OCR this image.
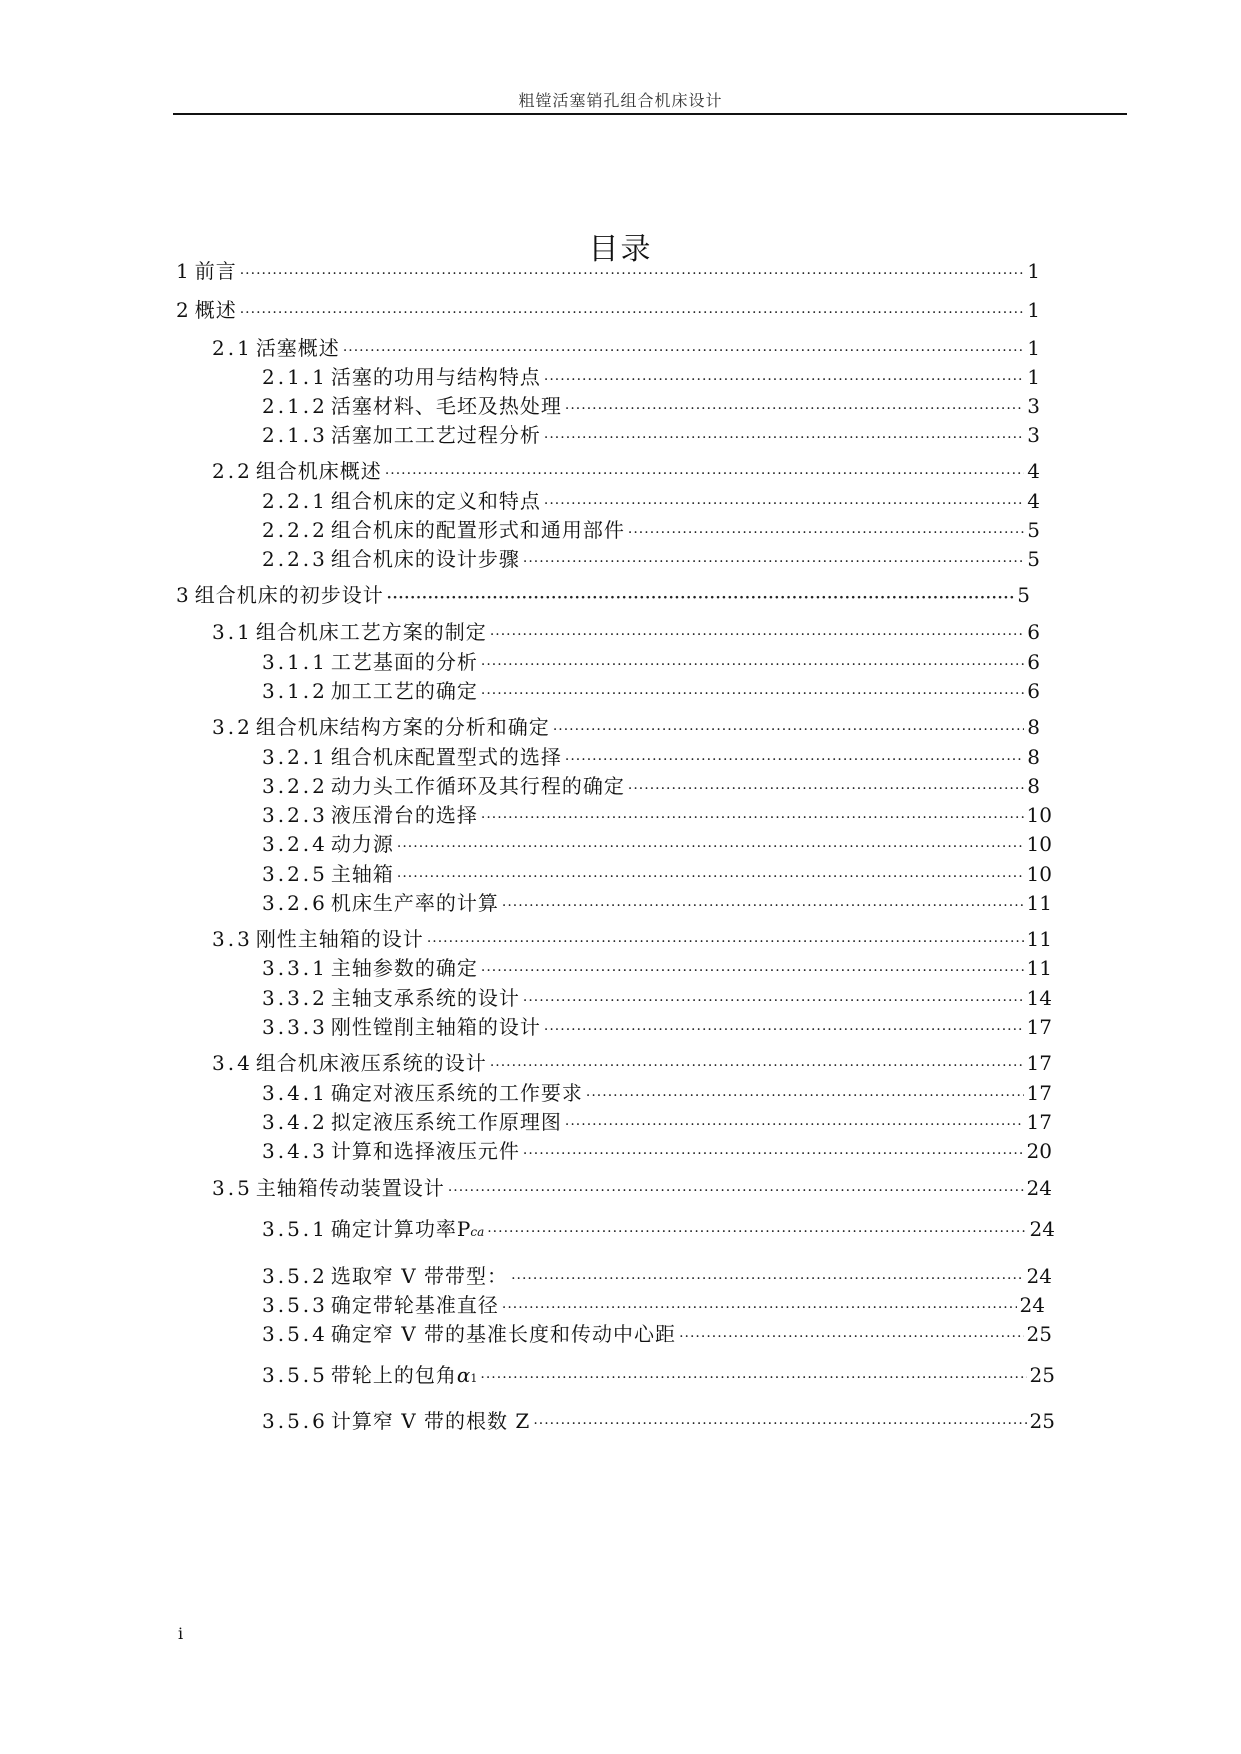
粗镗活塞销孔组合机床设计
目录
1 前言 ·····	1
2 概述 ·····	1
2.1 活塞概述 ·····	1
2.1.1 活塞的功用与结构特点 ·····	1
2.1.2 活塞材料、毛坯及热处理 ·····	3
2.1.3 活塞加工工艺过程分析 ·····	3
2.2 组合机床概述 ·····	4
2.2.1 组合机床的定义和特点 ·····	4
2.2.2 组合机床的配置形式和通用部件 ·····	5
2.2.3 组合机床的设计步骤 ·····	5
3 组合机床的初步设计 ·····	5
3.1 组合机床工艺方案的制定 ·····	6
3.1.1 工艺基面的分析 ·····	6
3.1.2 加工工艺的确定 ·····	6
3.2 组合机床结构方案的分析和确定 ·····	8
3.2.1 组合机床配置型式的选择 ·····	8
3.2.2 动力头工作循环及其行程的确定 ·····	8
3.2.3 液压滑台的选择 ·····	10
3.2.4 动力源 ·····	10
3.2.5 主轴箱 ·····	10
3.2.6 机床生产率的计算 ·····	11
3.3 刚性主轴箱的设计 ·····	11
3.3.1 主轴参数的确定 ·····	11
3.3.2 主轴支承系统的设计 ·····	14
3.3.3 刚性镗削主轴箱的设计 ·····	17
3.4 组合机床液压系统的设计 ·····	17
3.4.1 确定对液压系统的工作要求 ·····	17
3.4.2 拟定液压系统工作原理图 ·····	17
3.4.3 计算和选择液压元件 ·····	20
3.5 主轴箱传动装置设计 ·····	24
3.5.1 确定计算功率 P ca ·····	24
3.5.2 选取窄 V 带带型： ·····	24
3.5.3 确定带轮基准直径 ·····	24
3.5.4 确定窄 V 带的基准长度和传动中心距 ·····	25
3.5.5 带轮上的包角 α 1 ·····	25
3.5.6 计算窄 V 带的根数 Z ·····	25
i
